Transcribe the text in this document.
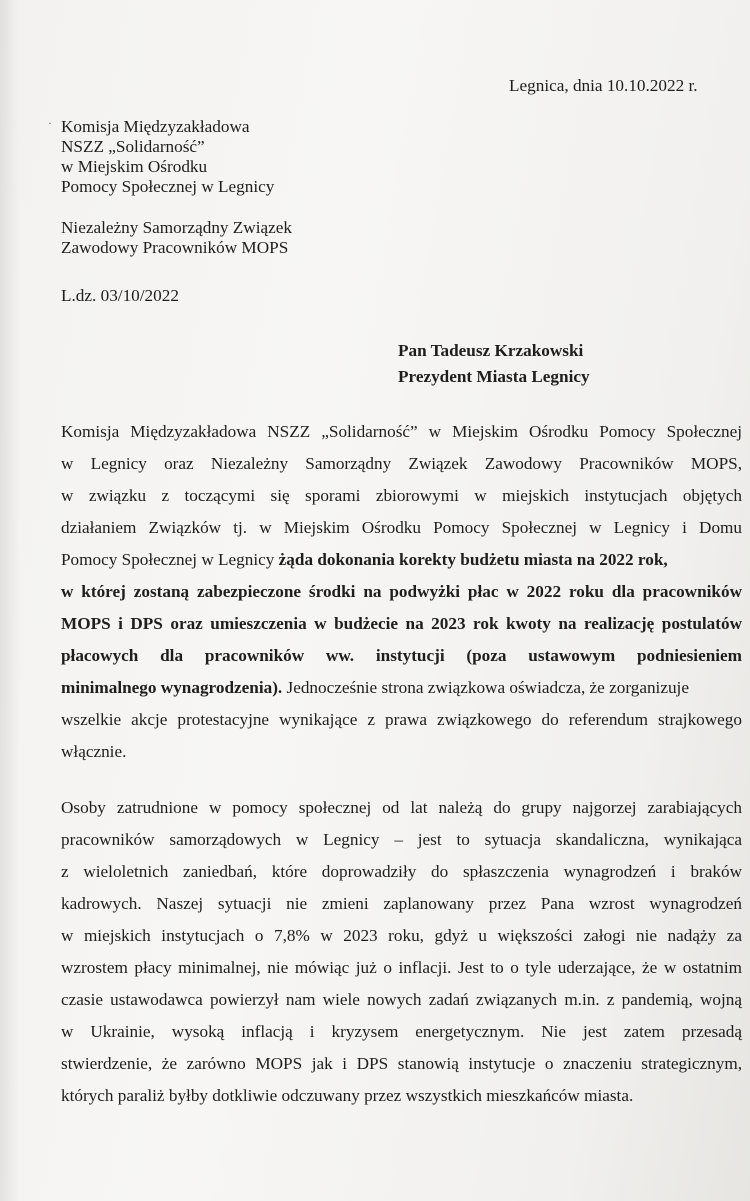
Legnica, dnia 10.10.2022 r.
· Komisja Międzyzakładowa
NSZZ „Solidarność”
w Miejskim Ośrodku
Pomocy Społecznej w Legnicy
Niezależny Samorządny Związek
Zawodowy Pracowników MOPS
L.dz. 03/10/2022
Pan Tadeusz Krzakowski
Prezydent Miasta Legnicy
Komisja Międzyzakładowa NSZZ „Solidarność” w Miejskim Ośrodku Pomocy Społecznej
w Legnicy oraz Niezależny Samorządny Związek Zawodowy Pracowników MOPS,
w związku z toczącymi się sporami zbiorowymi w miejskich instytucjach objętych
działaniem Związków tj. w Miejskim Ośrodku Pomocy Społecznej w Legnicy i Domu
Pomocy Społecznej w Legnicy żąda dokonania korekty budżetu miasta na 2022 rok,
w której zostaną zabezpieczone środki na podwyżki płac w 2022 roku dla pracowników
MOPS i DPS oraz umieszczenia w budżecie na 2023 rok kwoty na realizację postulatów
płacowych dla pracowników ww. instytucji (poza ustawowym podniesieniem
minimalnego wynagrodzenia). Jednocześnie strona związkowa oświadcza, że zorganizuje
wszelkie akcje protestacyjne wynikające z prawa związkowego do referendum strajkowego
włącznie.
Osoby zatrudnione w pomocy społecznej od lat należą do grupy najgorzej zarabiających
pracowników samorządowych w Legnicy – jest to sytuacja skandaliczna, wynikająca
z wieloletnich zaniedbań, które doprowadziły do spłaszczenia wynagrodzeń i braków
kadrowych. Naszej sytuacji nie zmieni zaplanowany przez Pana wzrost wynagrodzeń
w miejskich instytucjach o 7,8% w 2023 roku, gdyż u większości załogi nie nadąży za
wzrostem płacy minimalnej, nie mówiąc już o inflacji. Jest to o tyle uderzające, że w ostatnim
czasie ustawodawca powierzył nam wiele nowych zadań związanych m.in. z pandemią, wojną
w Ukrainie, wysoką inflacją i kryzysem energetycznym. Nie jest zatem przesadą
stwierdzenie, że zarówno MOPS jak i DPS stanowią instytucje o znaczeniu strategicznym,
których paraliż byłby dotkliwie odczuwany przez wszystkich mieszkańców miasta.
